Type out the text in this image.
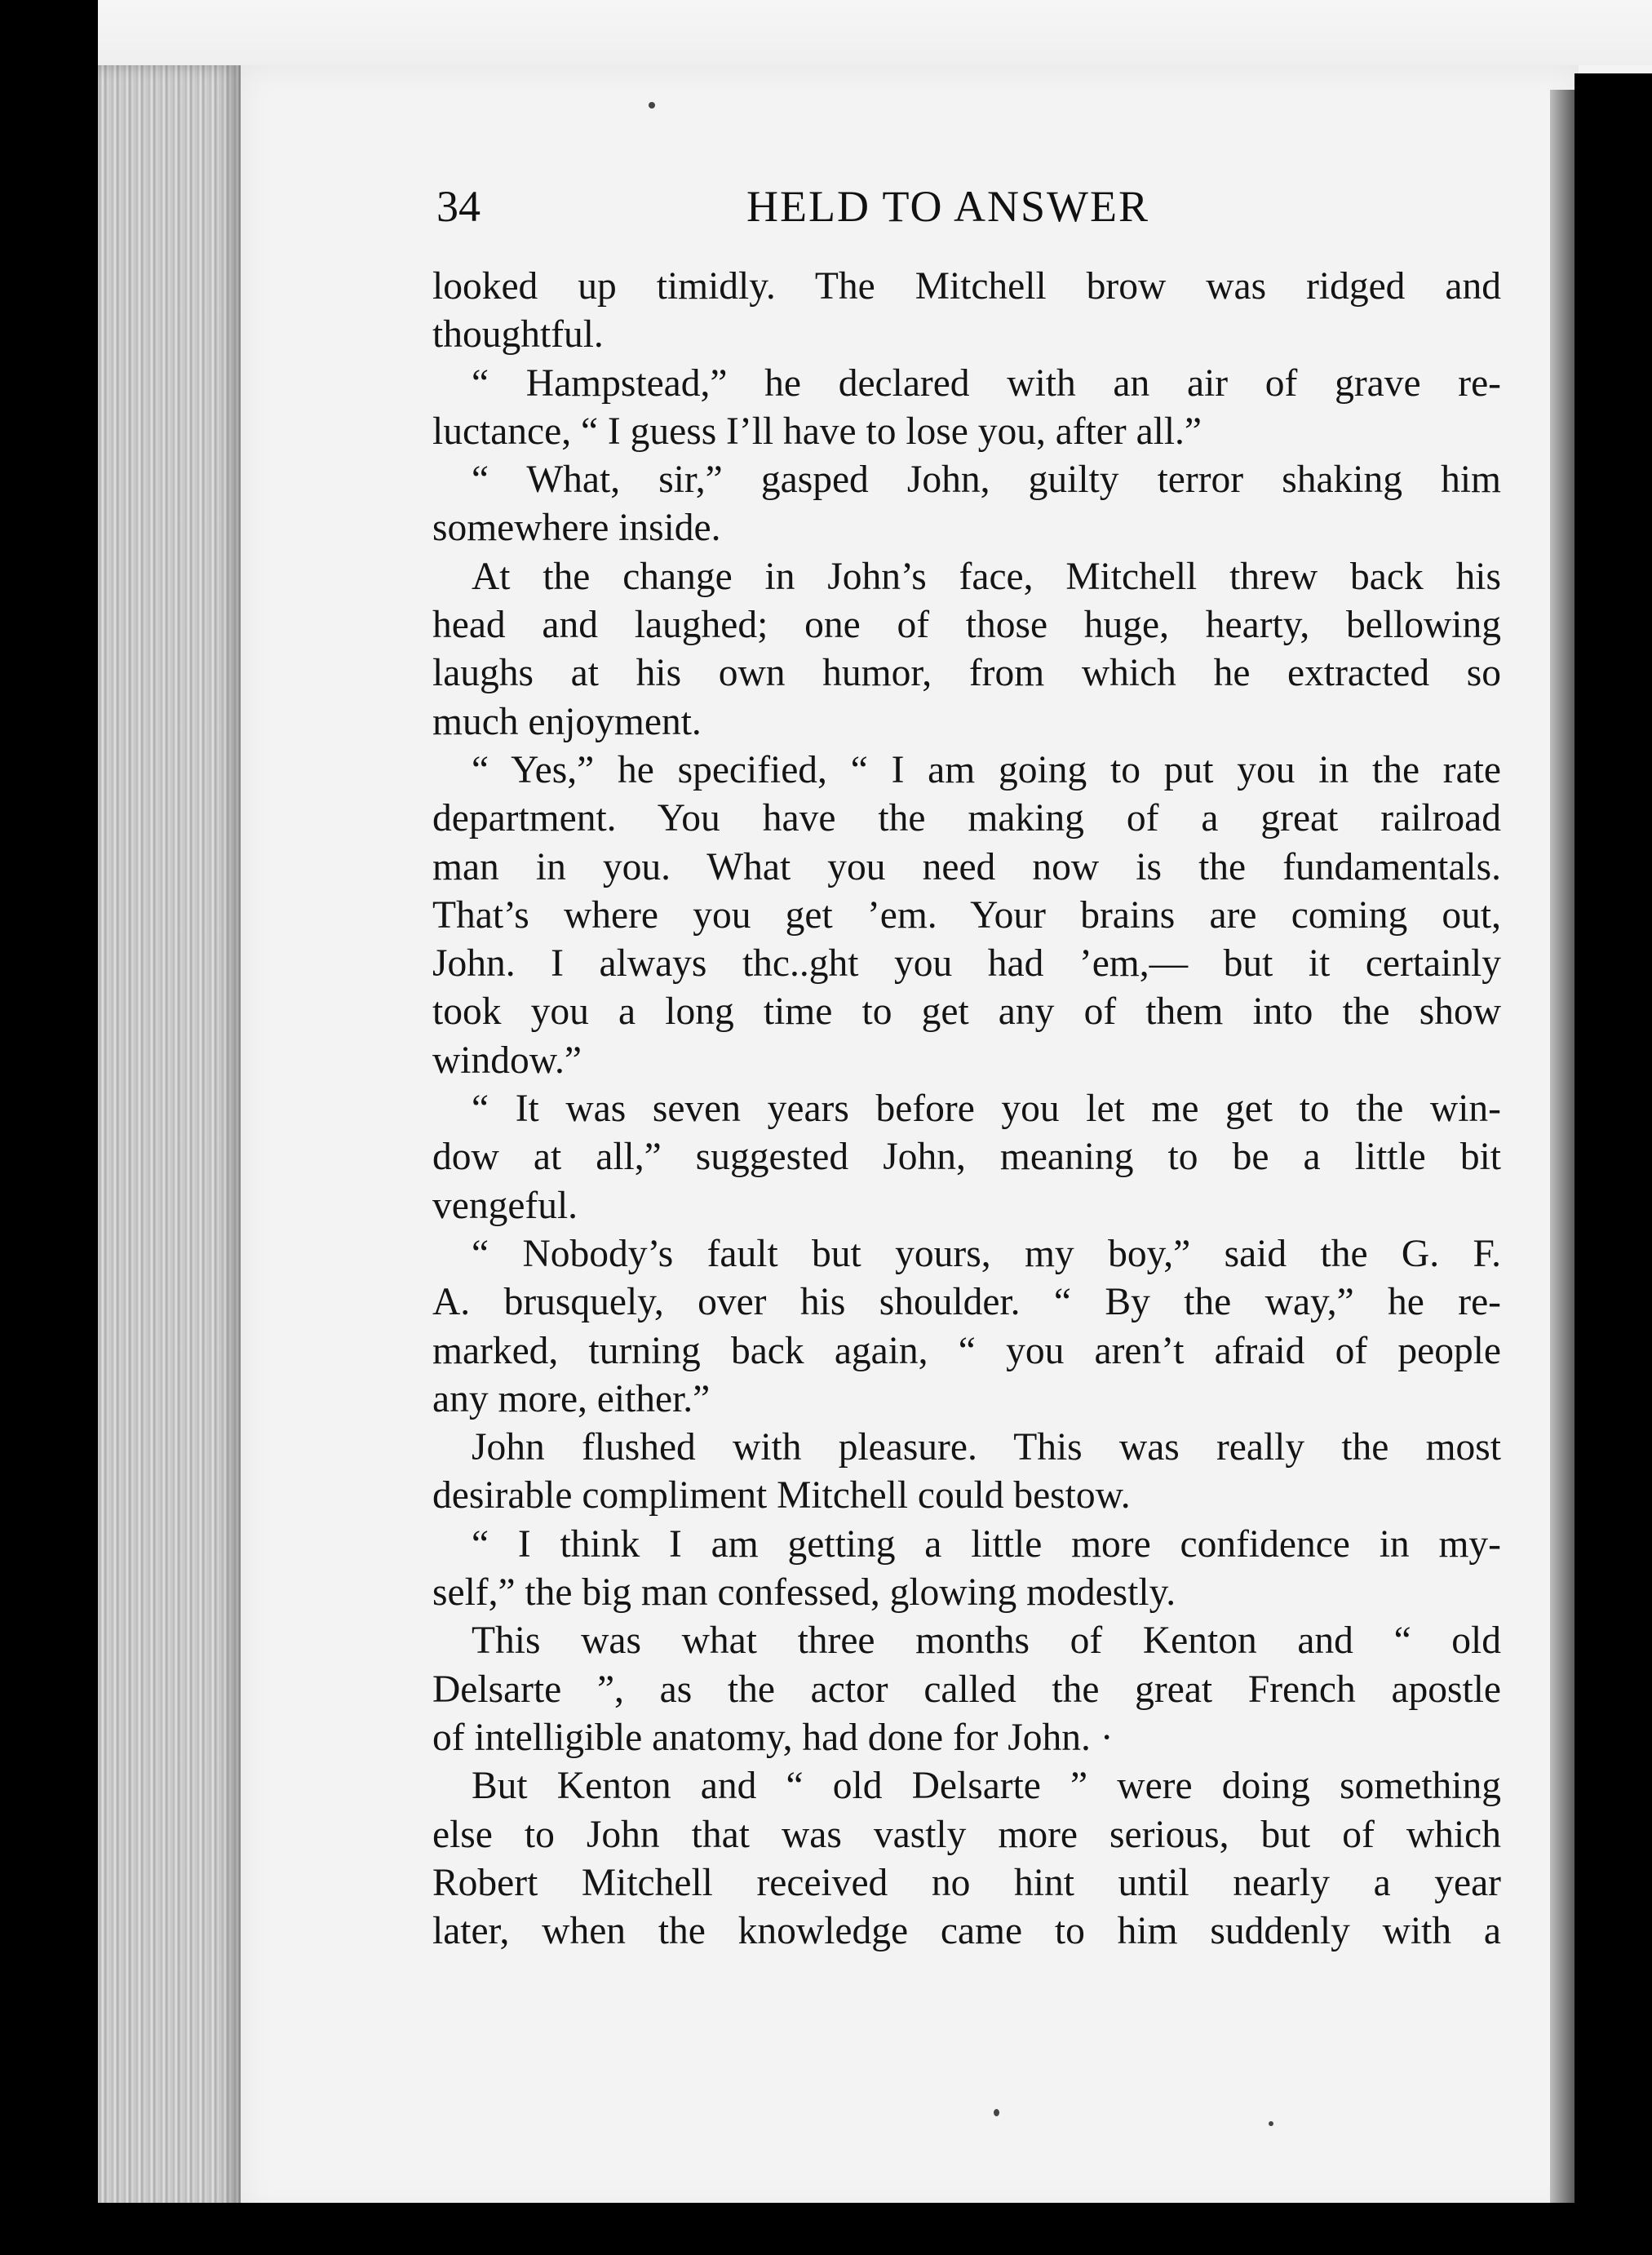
34	HELD TO ANSWER
looked up timidly. The Mitchell brow was ridged and
thoughtful.
“ Hampstead,” he declared with an air of grave re-
luctance, “ I guess I’ll have to lose you, after all.”
“ What, sir,” gasped John, guilty terror shaking him
somewhere inside.
At the change in John’s face, Mitchell threw back his
head and laughed; one of those huge, hearty, bellowing
laughs at his own humor, from which he extracted so
much enjoyment.
“ Yes,” he specified, “ I am going to put you in the rate
department. You have the making of a great railroad
man in you. What you need now is the fundamentals.
That’s where you get ’em. Your brains are coming out,
John. I always thc..ght you had ’em,— but it certainly
took you a long time to get any of them into the show
window.”
“ It was seven years before you let me get to the win-
dow at all,” suggested John, meaning to be a little bit
vengeful.
“ Nobody’s fault but yours, my boy,” said the G. F.
A. brusquely, over his shoulder. “ By the way,” he re-
marked, turning back again, “ you aren’t afraid of people
any more, either.”
John flushed with pleasure. This was really the most
desirable compliment Mitchell could bestow.
“ I think I am getting a little more confidence in my-
self,” the big man confessed, glowing modestly.
This was what three months of Kenton and “ old
Delsarte ”, as the actor called the great French apostle
of intelligible anatomy, had done for John. ·
But Kenton and “ old Delsarte ” were doing something
else to John that was vastly more serious, but of which
Robert Mitchell received no hint until nearly a year
later, when the knowledge came to him suddenly with a
